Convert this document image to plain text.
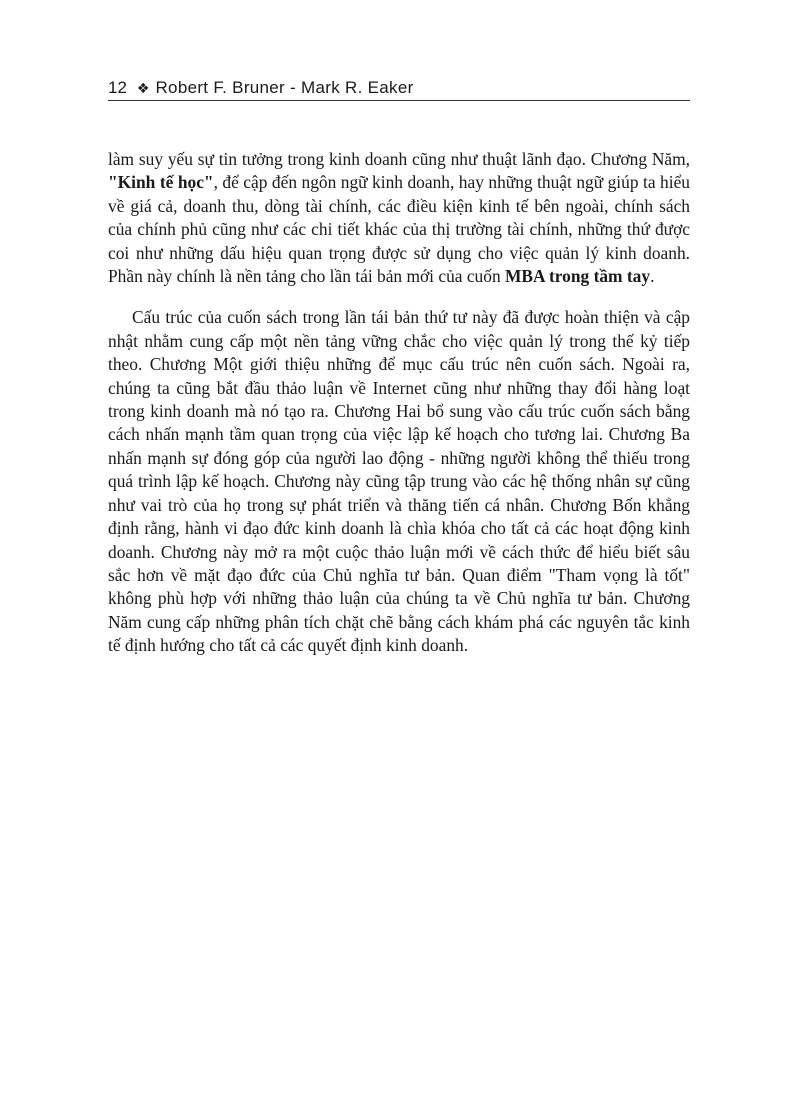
12 ❖ Robert F. Bruner - Mark R. Eaker

làm suy yếu sự tin tưởng trong kinh doanh cũng như thuật lãnh đạo. Chương Năm, "Kinh tế học", để cập đến ngôn ngữ kinh doanh, hay những thuật ngữ giúp ta hiểu về giá cả, doanh thu, dòng tài chính, các điều kiện kinh tế bên ngoài, chính sách của chính phủ cũng như các chi tiết khác của thị trường tài chính, những thứ được coi như những dấu hiệu quan trọng được sử dụng cho việc quản lý kinh doanh. Phần này chính là nền tảng cho lần tái bản mới của cuốn MBA trong tầm tay.

Cấu trúc của cuốn sách trong lần tái bản thứ tư này đã được hoàn thiện và cập nhật nhằm cung cấp một nền tảng vững chắc cho việc quản lý trong thế kỷ tiếp theo. Chương Một giới thiệu những để mục cấu trúc nên cuốn sách. Ngoài ra, chúng ta cũng bắt đầu thảo luận về Internet cũng như những thay đổi hàng loạt trong kinh doanh mà nó tạo ra. Chương Hai bổ sung vào cấu trúc cuốn sách bằng cách nhấn mạnh tầm quan trọng của việc lập kế hoạch cho tương lai. Chương Ba nhấn mạnh sự đóng góp của người lao động - những người không thể thiếu trong quá trình lập kế hoạch. Chương này cũng tập trung vào các hệ thống nhân sự cũng như vai trò của họ trong sự phát triển và thăng tiến cá nhân. Chương Bốn khẳng định rằng, hành vi đạo đức kinh doanh là chìa khóa cho tất cả các hoạt động kinh doanh. Chương này mở ra một cuộc thảo luận mới về cách thức để hiểu biết sâu sắc hơn về mặt đạo đức của Chủ nghĩa tư bản. Quan điểm "Tham vọng là tốt" không phù hợp với những thảo luận của chúng ta về Chủ nghĩa tư bản. Chương Năm cung cấp những phân tích chặt chẽ bằng cách khám phá các nguyên tắc kinh tế định hướng cho tất cả các quyết định kinh doanh.
